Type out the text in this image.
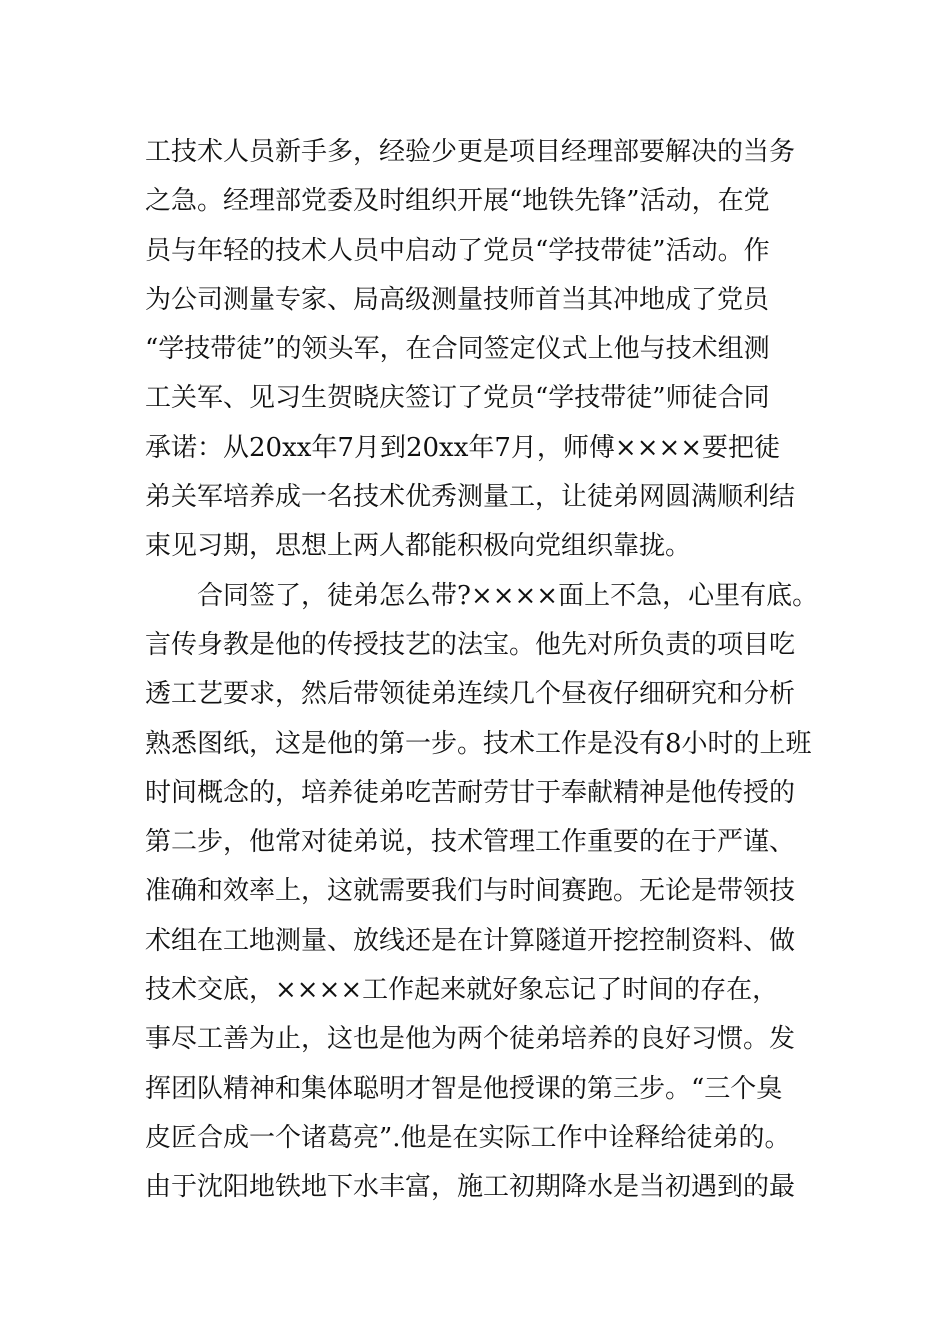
工技术人员新手多，经验少更是项目经理部要解决的当务
之急。经理部党委及时组织开展“地铁先锋”活动，在党
员与年轻的技术人员中启动了党员“学技带徒”活动。作
为公司测量专家、局高级测量技师首当其冲地成了党员
“学技带徒”的领头军，在合同签定仪式上他与技术组测
工关军、见习生贺晓庆签订了党员“学技带徒”师徒合同
承诺：从20xx年7月到20xx年7月，师傅××××要把徒
弟关军培养成一名技术优秀测量工，让徒弟网圆满顺利结
束见习期，思想上两人都能积极向党组织靠拢。
合同签了，徒弟怎么带?××××面上不急，心里有底。
言传身教是他的传授技艺的法宝。他先对所负责的项目吃
透工艺要求，然后带领徒弟连续几个昼夜仔细研究和分析
熟悉图纸，这是他的第一步。技术工作是没有8小时的上班
时间概念的，培养徒弟吃苦耐劳甘于奉献精神是他传授的
第二步，他常对徒弟说，技术管理工作重要的在于严谨、
准确和效率上，这就需要我们与时间赛跑。无论是带领技
术组在工地测量、放线还是在计算隧道开挖控制资料、做
技术交底，××××工作起来就好象忘记了时间的存在，
事尽工善为止，这也是他为两个徒弟培养的良好习惯。发
挥团队精神和集体聪明才智是他授课的第三步。“三个臭
皮匠合成一个诸葛亮”.他是在实际工作中诠释给徒弟的。
由于沈阳地铁地下水丰富，施工初期降水是当初遇到的最
